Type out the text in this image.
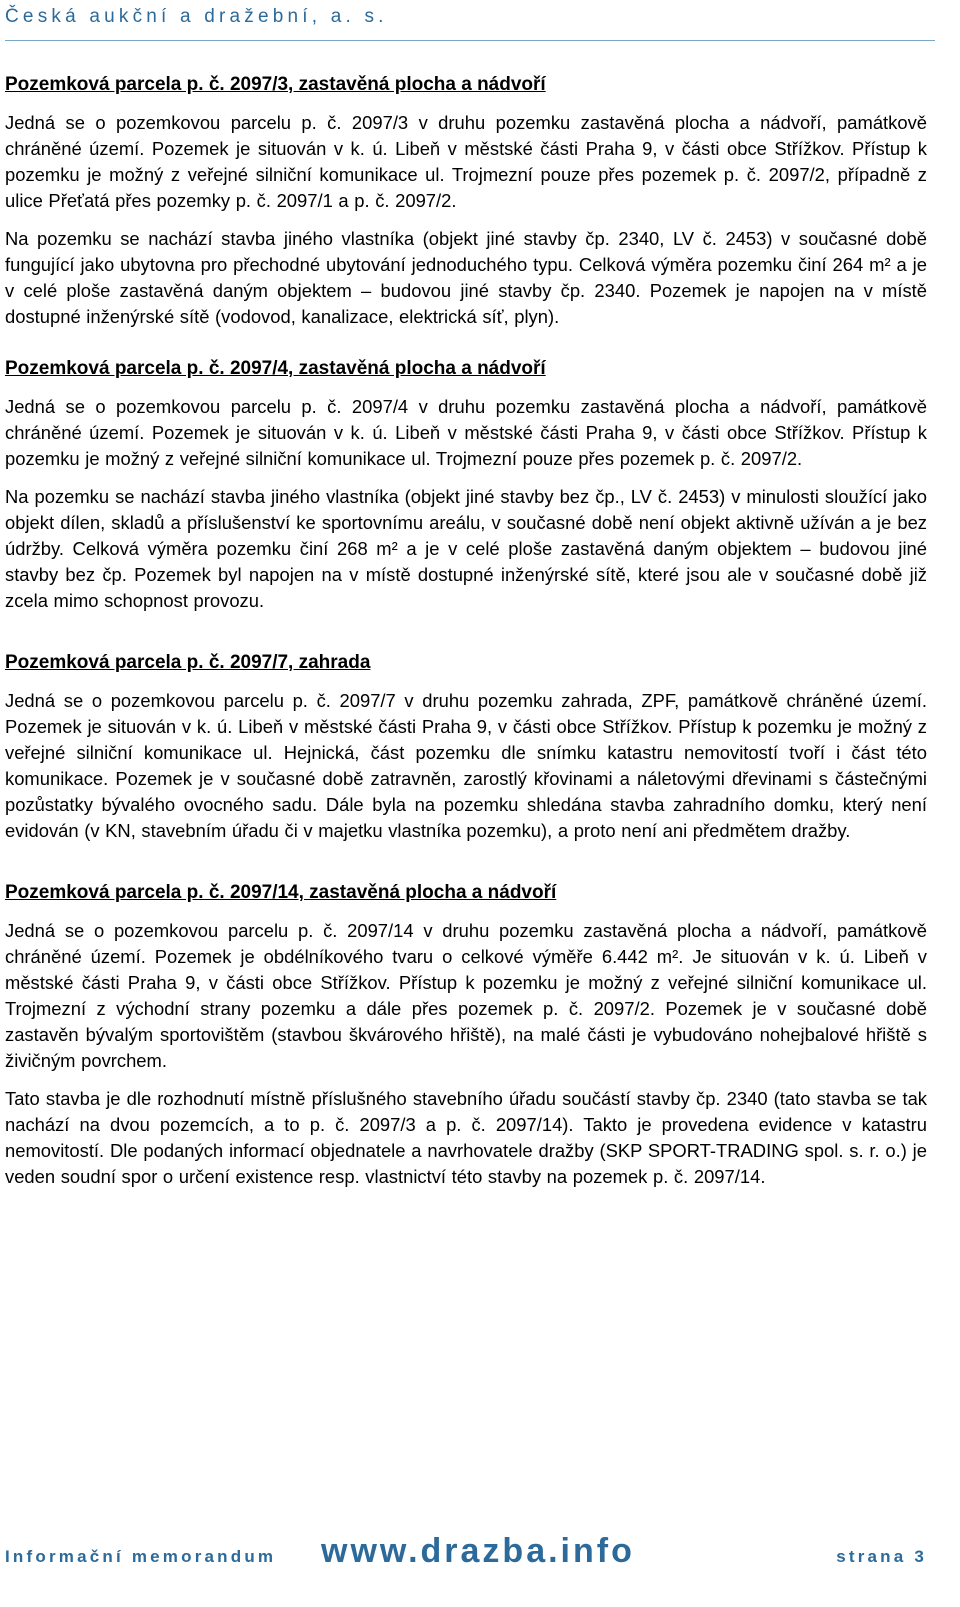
Česká aukční a dražební, a. s.
Pozemková parcela p. č. 2097/3, zastavěná plocha a nádvoří

Jedná se o pozemkovou parcelu p. č. 2097/3 v druhu pozemku zastavěná plocha a nádvoří, památkově chráněné území. Pozemek je situován v k. ú. Libeň v městské části Praha 9, v části obce Střížkov. Přístup k pozemku je možný z veřejné silniční komunikace ul. Trojmezní pouze přes pozemek p. č. 2097/2, případně z ulice Přeťatá přes pozemky p. č. 2097/1 a p. č. 2097/2.

Na pozemku se nachází stavba jiného vlastníka (objekt jiné stavby čp. 2340, LV č. 2453) v současné době fungující jako ubytovna pro přechodné ubytování jednoduchého typu. Celková výměra pozemku činí 264 m² a je v celé ploše zastavěná daným objektem – budovou jiné stavby čp. 2340. Pozemek je napojen na v místě dostupné inženýrské sítě (vodovod, kanalizace, elektrická síť, plyn).

Pozemková parcela p. č. 2097/4, zastavěná plocha a nádvoří

Jedná se o pozemkovou parcelu p. č. 2097/4 v druhu pozemku zastavěná plocha a nádvoří, památkově chráněné území. Pozemek je situován v k. ú. Libeň v městské části Praha 9, v části obce Střížkov. Přístup k pozemku je možný z veřejné silniční komunikace ul. Trojmezní pouze přes pozemek p. č. 2097/2.

Na pozemku se nachází stavba jiného vlastníka (objekt jiné stavby bez čp., LV č. 2453) v minulosti sloužící jako objekt dílen, skladů a příslušenství ke sportovnímu areálu, v současné době není objekt aktivně užíván a je bez údržby. Celková výměra pozemku činí 268 m² a je v celé ploše zastavěná daným objektem – budovou jiné stavby bez čp. Pozemek byl napojen na v místě dostupné inženýrské sítě, které jsou ale v současné době již zcela mimo schopnost provozu.

Pozemková parcela p. č. 2097/7, zahrada

Jedná se o pozemkovou parcelu p. č. 2097/7 v druhu pozemku zahrada, ZPF, památkově chráněné území. Pozemek je situován v k. ú. Libeň v městské části Praha 9, v části obce Střížkov. Přístup k pozemku je možný z veřejné silniční komunikace ul. Hejnická, část pozemku dle snímku katastru nemovitostí tvoří i část této komunikace. Pozemek je v současné době zatravněn, zarostlý křovinami a náletovými dřevinami s částečnými pozůstatky bývalého ovocného sadu. Dále byla na pozemku shledána stavba zahradního domku, který není evidován (v KN, stavebním úřadu či v majetku vlastníka pozemku), a proto není ani předmětem dražby.

Pozemková parcela p. č. 2097/14, zastavěná plocha a nádvoří

Jedná se o pozemkovou parcelu p. č. 2097/14 v druhu pozemku zastavěná plocha a nádvoří, památkově chráněné území. Pozemek je obdélníkového tvaru o celkové výměře 6.442 m². Je situován v k. ú. Libeň v městské části Praha 9, v části obce Střížkov. Přístup k pozemku je možný z veřejné silniční komunikace ul. Trojmezní z východní strany pozemku a dále přes pozemek p. č. 2097/2. Pozemek je v současné době zastavěn bývalým sportovištěm (stavbou škvárového hřiště), na malé části je vybudováno nohejbalové hřiště s živičným povrchem.

Tato stavba je dle rozhodnutí místně příslušného stavebního úřadu součástí stavby čp. 2340 (tato stavba se tak nachází na dvou pozemcích, a to p. č. 2097/3 a p. č. 2097/14). Takto je provedena evidence v katastru nemovitostí. Dle podaných informací objednatele a navrhovatele dražby (SKP SPORT-TRADING spol. s. r. o.) je veden soudní spor o určení existence resp. vlastnictví této stavby na pozemek p. č. 2097/14.

Informační memorandum www.drazba.info	strana 3
